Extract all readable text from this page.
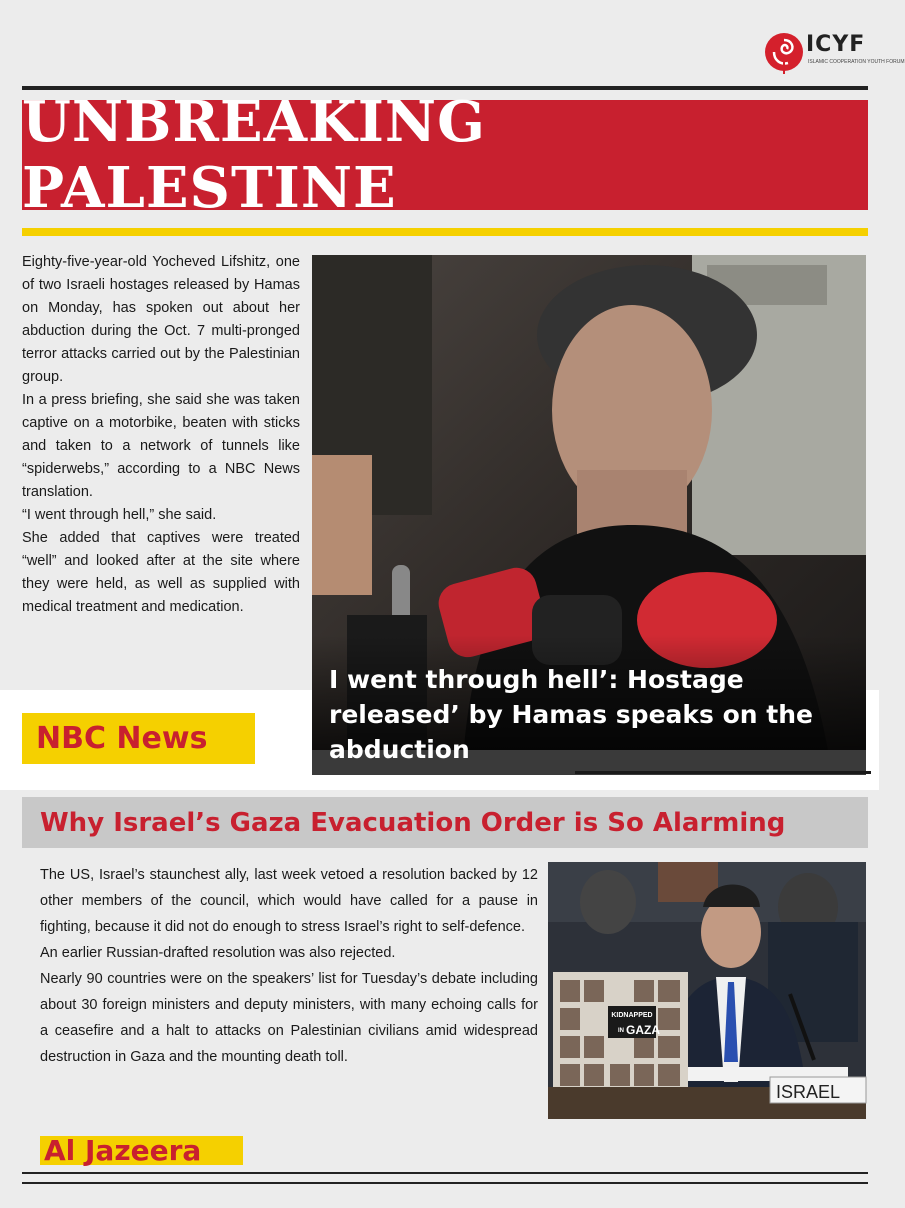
ICYF
ISLAMIC COOPERATION YOUTH FORUM
UNBREAKING PALESTINE

Eighty-five-year-old Yocheved Lifshitz, one of two Israeli hostages released by Hamas on Monday, has spoken out about her abduction during the Oct. 7 multi-pronged terror attacks carried out by the Palestinian group.

In a press briefing, she said she was taken captive on a motorbike, beaten with sticks and taken to a network of tunnels like “spiderwebs,” according to a NBC News translation.

“I went through hell,” she said.

She added that captives were treated “well” and looked after at the site where they were held, as well as supplied with medical treatment and medication.

I went through hell’: Hostage released’ by Hamas speaks on the abduction
NBC News
Why Israel’s Gaza Evacuation Order is So Alarming

The US, Israel’s staunchest ally, last week vetoed a resolution backed by 12 other members of the council, which would have called for a pause in fighting, because it did not do enough to stress Israel’s right to self-defence.

An earlier Russian-drafted resolution was also rejected.

Nearly 90 countries were on the speakers’ list for Tuesday’s debate including about 30 foreign ministers and deputy ministers, with many echoing calls for a ceasefire and a halt to attacks on Palestinian civilians amid widespread destruction in Gaza and the mounting death toll.

KIDNAPPED
IN GAZA
ISRAEL
Al Jazeera
